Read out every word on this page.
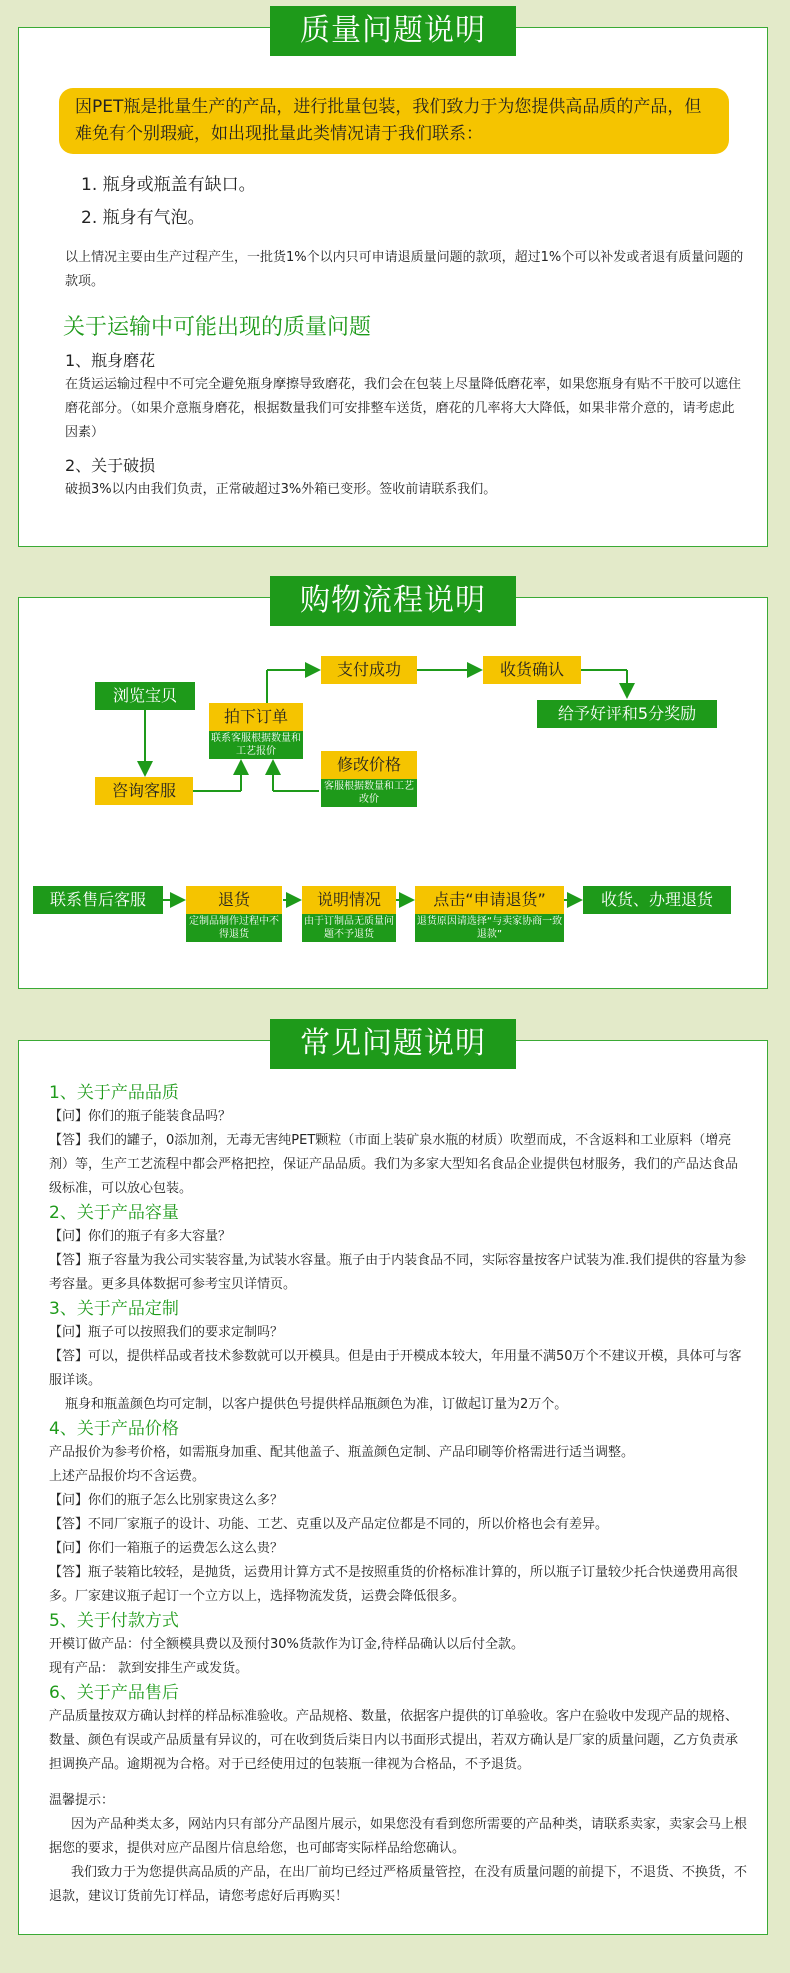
质量问题说明
因PET瓶是批量生产的产品，进行批量包装，我们致力于为您提供高品质的产品，但难免有个别瑕疵，如出现批量此类情况请于我们联系：
1. 瓶身或瓶盖有缺口。
2. 瓶身有气泡。
以上情况主要由生产过程产生，一批货1%个以内只可申请退质量问题的款项，超过1%个可以补发或者退有质量问题的款项。
关于运输中可能出现的质量问题
1、瓶身磨花
在货运运输过程中不可完全避免瓶身摩擦导致磨花，我们会在包装上尽量降低磨花率，如果您瓶身有贴不干胶可以遮住磨花部分。（如果介意瓶身磨花，根据数量我们可安排整车送货，磨花的几率将大大降低，如果非常介意的，请考虑此因素）
2、关于破损
破损3%以内由我们负责，正常破超过3%外箱已变形。签收前请联系我们。
购物流程说明
浏览宝贝
咨询客服
拍下订单
联系客服根据数量和工艺报价
支付成功
修改价格
客服根据数量和工艺改价
收货确认
给予好评和5分奖励
联系售后客服	退货
定制品制作过程中不得退货
说明情况
由于订制品无质量问题不予退货
点击“申请退货”
退货原因请选择“与卖家协商一致退款”
收货、办理退货
常见问题说明
1、关于产品品质
【问】你们的瓶子能装食品吗？
【答】我们的罐子，0添加剂，无毒无害纯PET颗粒（市面上装矿泉水瓶的材质）吹塑而成，不含返料和工业原料（增亮剂）等，生产工艺流程中都会严格把控，保证产品品质。我们为多家大型知名食品企业提供包材服务，我们的产品达食品级标准，可以放心包装。
2、关于产品容量
【问】你们的瓶子有多大容量？
【答】瓶子容量为我公司实装容量,为试装水容量。瓶子由于内装食品不同，实际容量按客户试装为准.我们提供的容量为参考容量。更多具体数据可参考宝贝详情页。
3、关于产品定制
【问】瓶子可以按照我们的要求定制吗？
【答】可以，提供样品或者技术参数就可以开模具。但是由于开模成本较大，年用量不满50万个不建议开模，具体可与客服详谈。
瓶身和瓶盖颜色均可定制，以客户提供色号提供样品瓶颜色为准，订做起订量为2万个。
4、关于产品价格
产品报价为参考价格，如需瓶身加重、配其他盖子、瓶盖颜色定制、产品印刷等价格需进行适当调整。
上述产品报价均不含运费。
【问】你们的瓶子怎么比别家贵这么多？
【答】不同厂家瓶子的设计、功能、工艺、克重以及产品定位都是不同的，所以价格也会有差异。
【问】你们一箱瓶子的运费怎么这么贵？
【答】瓶子装箱比较轻，是抛货，运费用计算方式不是按照重货的价格标准计算的，所以瓶子订量较少托合快递费用高很多。厂家建议瓶子起订一个立方以上，选择物流发货，运费会降低很多。
5、关于付款方式
开模订做产品：付全额模具费以及预付30%货款作为订金,待样品确认以后付全款。
现有产品： 款到安排生产或发货。
6、关于产品售后
产品质量按双方确认封样的样品标准验收。产品规格、数量，依据客户提供的订单验收。客户在验收中发现产品的规格、数量、颜色有误或产品质量有异议的，可在收到货后柒日内以书面形式提出，若双方确认是厂家的质量问题，乙方负责承担调换产品。逾期视为合格。对于已经使用过的包装瓶一律视为合格品，不予退货。
温馨提示：
因为产品种类太多，网站内只有部分产品图片展示，如果您没有看到您所需要的产品种类，请联系卖家，卖家会马上根据您的要求，提供对应产品图片信息给您，也可邮寄实际样品给您确认。
我们致力于为您提供高品质的产品，在出厂前均已经过严格质量管控，在没有质量问题的前提下，不退货、不换货，不退款，建议订货前先订样品，请您考虑好后再购买！
